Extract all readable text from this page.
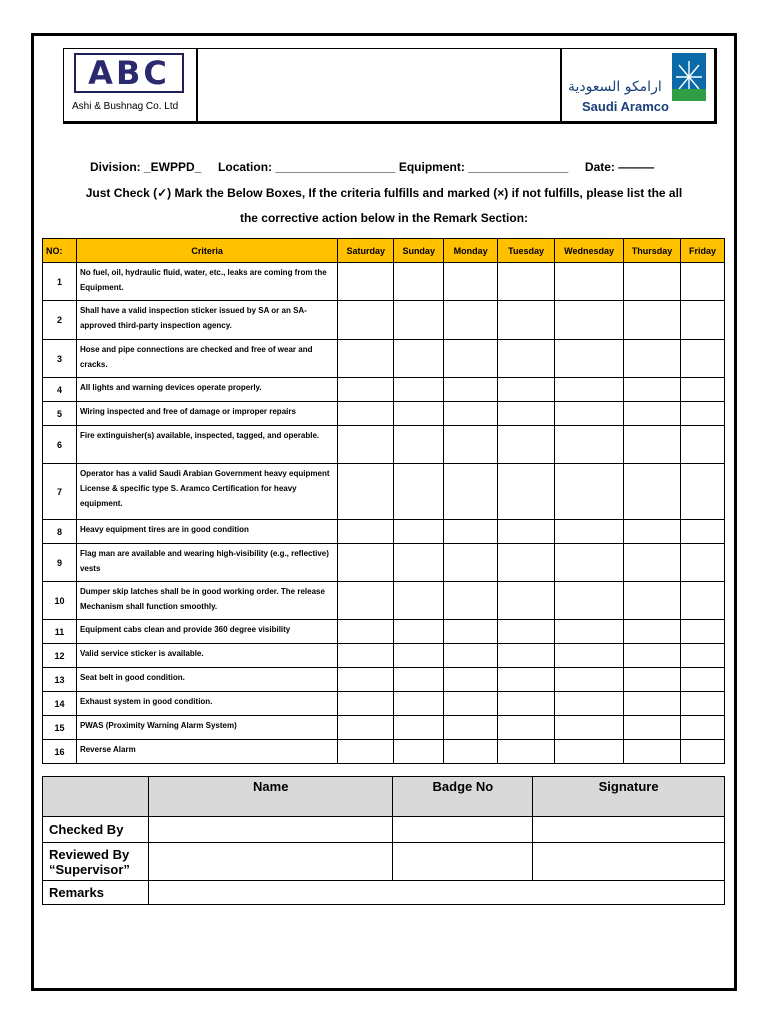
ABC
Ashi & Bushnag Co. Ltd
ارامكو السعودية
Saudi Aramco
Division: _EWPPD_     Location: __________________ Equipment: _______________     Date: ———
Just Check (✓) Mark the Below Boxes, If the criteria fulfills and marked (×) if not fulfills, please list the all
the corrective action below in the Remark Section:
NO:	Criteria	Saturday	Sunday	Monday	Tuesday	Wednesday	Thursday	Friday
1	No fuel, oil, hydraulic fluid, water, etc., leaks are coming from the Equipment.							
2	Shall have a valid inspection sticker issued by SA or an SA-approved third-party inspection agency.							
3	Hose and pipe connections are checked and free of wear and cracks.							
4	All lights and warning devices operate properly.							
5	Wiring inspected and free of damage or improper repairs							
6	Fire extinguisher(s) available, inspected, tagged, and operable.							
7	Operator has a valid Saudi Arabian Government heavy equipment License & specific type S. Aramco Certification for heavy equipment.							
8	Heavy equipment tires are in good condition							
9	Flag man are available and wearing high-visibility (e.g., reflective) vests							
10	Dumper skip latches shall be in good working order. The release Mechanism shall function smoothly.							
11	Equipment cabs clean and provide 360 degree visibility							
12	Valid service sticker is available.							
13	Seat belt in good condition.							
14	Exhaust system in good condition.							
15	PWAS (Proximity Warning Alarm System)							
16	Reverse Alarm							
	Name	Badge No	Signature
Checked By			
Reviewed By “Supervisor”			
Remarks			
